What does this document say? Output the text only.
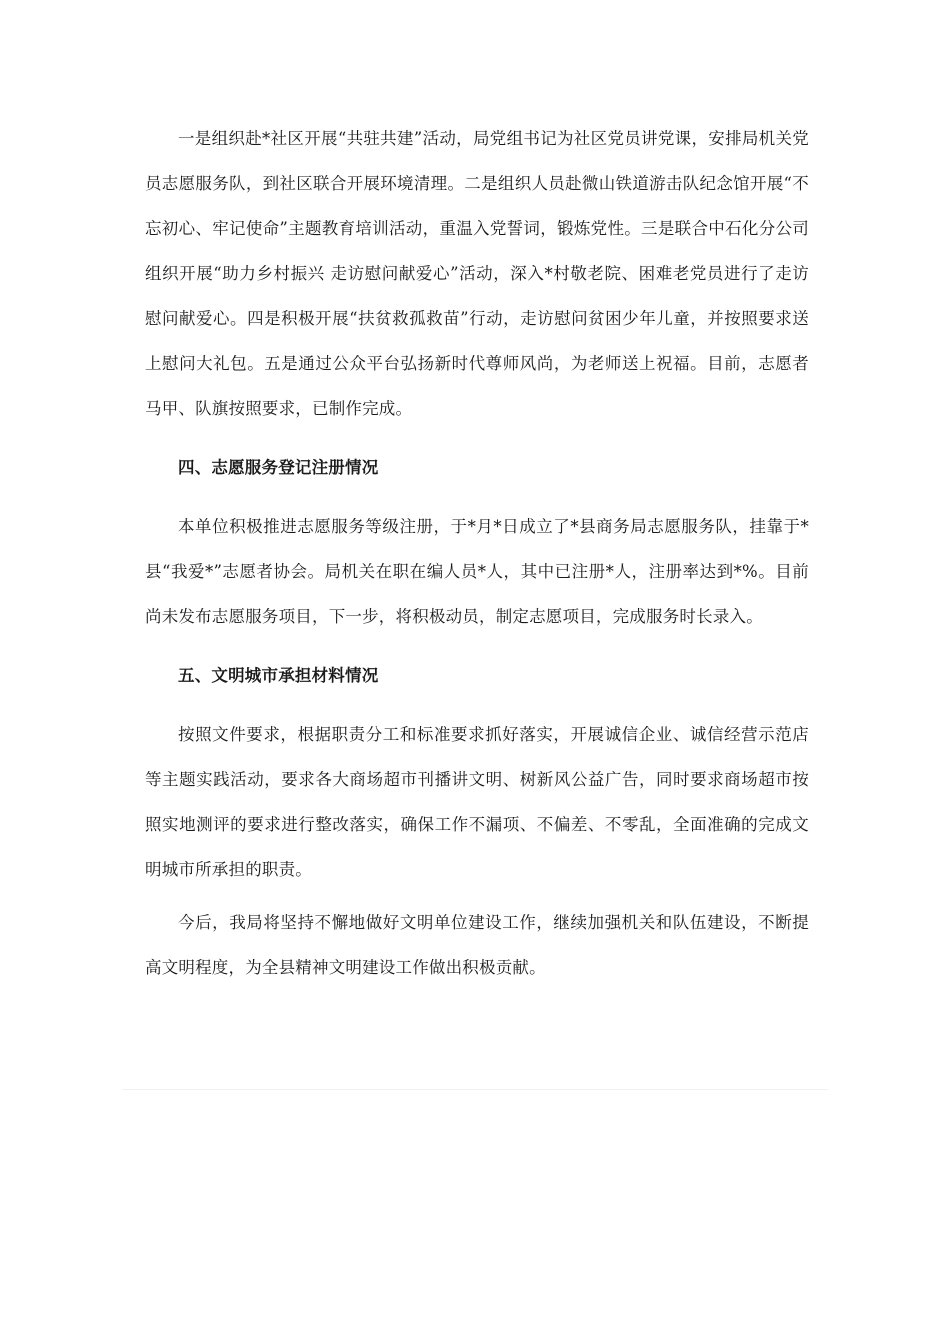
一是组织赴*社区开展“共驻共建”活动，局党组书记为社区党员讲党课，安排局机关党员志愿服务队，到社区联合开展环境清理。二是组织人员赴微山铁道游击队纪念馆开展“不忘初心、牢记使命”主题教育培训活动，重温入党誓词，锻炼党性。三是联合中石化分公司组织开展“助力乡村振兴 走访慰问献爱心”活动，深入*村敬老院、困难老党员进行了走访慰问献爱心。四是积极开展“扶贫救孤救苗”行动，走访慰问贫困少年儿童，并按照要求送上慰问大礼包。五是通过公众平台弘扬新时代尊师风尚，为老师送上祝福。目前，志愿者马甲、队旗按照要求，已制作完成。

四、志愿服务登记注册情况

本单位积极推进志愿服务等级注册，于*月*日成立了*县商务局志愿服务队，挂靠于* 县“我爱*”志愿者协会。局机关在职在编人员*人，其中已注册*人，注册率达到*%。目前尚未发布志愿服务项目，下一步，将积极动员，制定志愿项目，完成服务时长录入。

五、文明城市承担材料情况

按照文件要求，根据职责分工和标准要求抓好落实，开展诚信企业、诚信经营示范店等主题实践活动，要求各大商场超市刊播讲文明、树新风公益广告，同时要求商场超市按照实地测评的要求进行整改落实，确保工作不漏项、不偏差、不零乱，全面准确的完成文明城市所承担的职责。

今后，我局将坚持不懈地做好文明单位建设工作，继续加强机关和队伍建设，不断提高文明程度，为全县精神文明建设工作做出积极贡献。
